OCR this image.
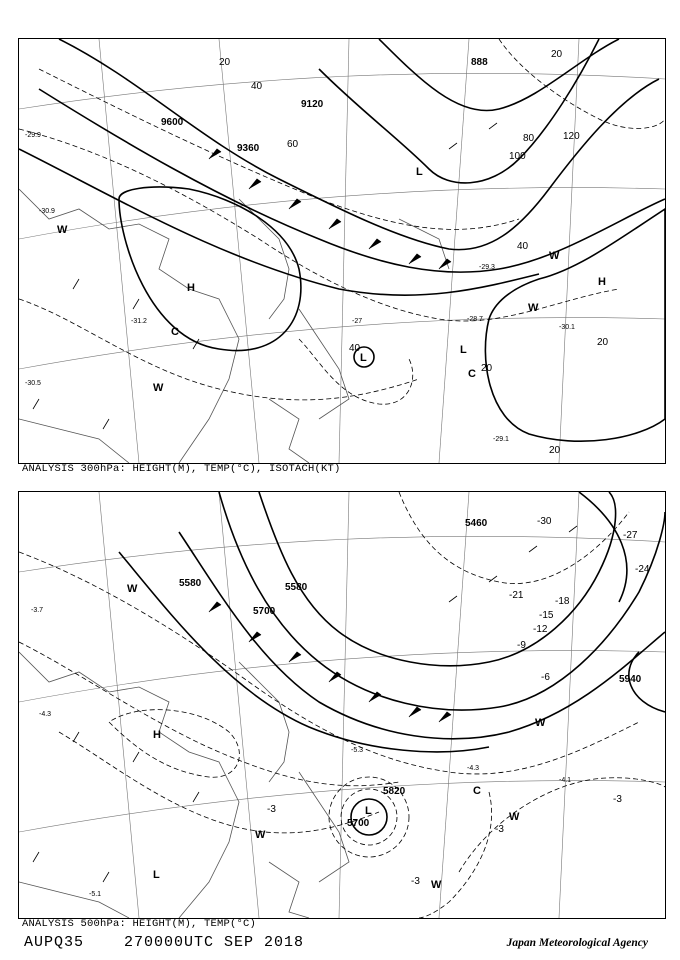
9600
9360
9120
888
20
40
60
80
100
120
40
20
20
20
20
40
H	H
L
L
L
C
C
W
W
W
W
-29.9
-30.9
-28.7
-29.3
-27
-30.1
-31.2
-29.1
-30.5
ANALYSIS 300hPa: HEIGHT(M), TEMP(°C), ISOTACH(KT)
5460
5580	5580
5700
5820
5700
5940
-30
-27
-24
-21
-18
-15
-12
-9
-6
-3
-3
-3
-3
H
L
L
C
W
W
W
W
W
-4.3
-4.1
-5.3
-4.3
-5.1
-3.7
ANALYSIS 500hPa: HEIGHT(M), TEMP(°C)
AUPQ35	270000UTC SEP 2018	Japan Meteorological Agency
